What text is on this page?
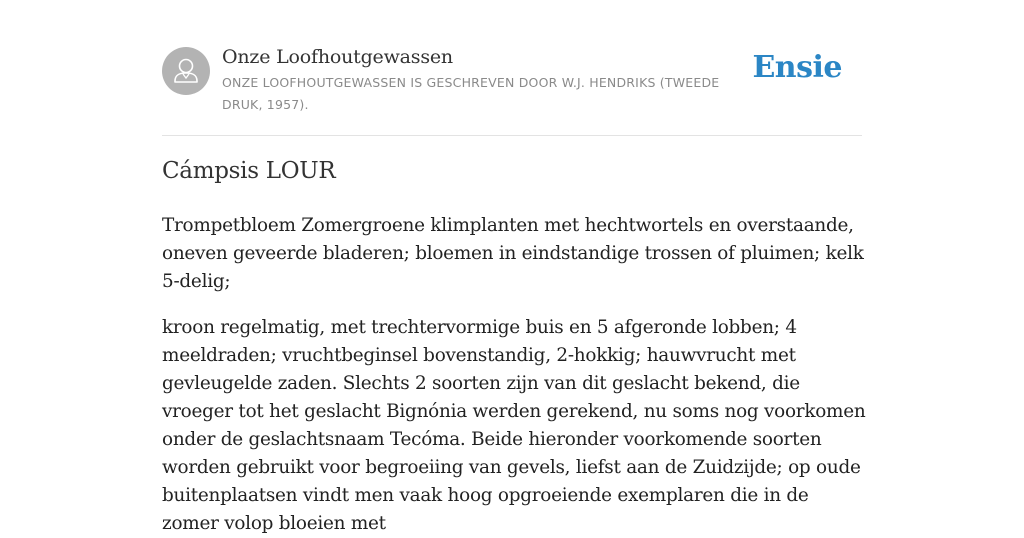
Onze Loofhoutgewassen
ONZE LOOFHOUTGEWASSEN IS GESCHREVEN DOOR W.J. HENDRIKS (TWEEDE DRUK, 1957).
Ensie
Cámpsis LOUR

Trompetbloem Zomergroene klimplanten met hechtwortels en overstaande, oneven geveerde bladeren; bloemen in eindstandige trossen of pluimen; kelk 5-delig;

kroon regelmatig, met trechtervormige buis en 5 afgeronde lobben; 4 meeldraden; vruchtbeginsel bovenstandig, 2-hokkig; hauwvrucht met gevleugelde zaden. Slechts 2 soorten zijn van dit geslacht bekend, die vroeger tot het geslacht Bignónia werden gerekend, nu soms nog voorkomen onder de geslachtsnaam Tecóma. Beide hieronder voorkomende soorten worden gebruikt voor begroeiing van gevels, liefst aan de Zuidzijde; op oude buitenplaatsen vindt men vaak hoog opgroeiende exemplaren die in de zomer volop bloeien met
